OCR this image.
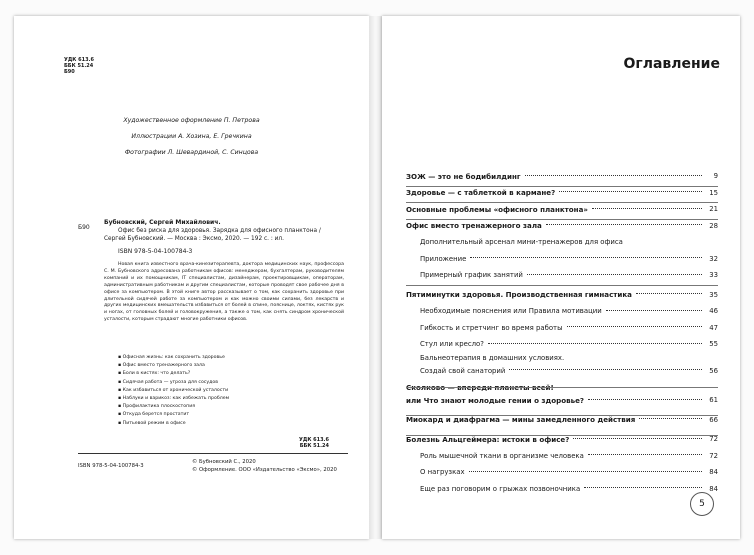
УДК 613.6
ББК 51.24
Б90
Художественное оформление П. Петрова
Иллюстрации А. Хозина, Е. Гречкина
Фотографии Л. Шевардиной, С. Синцова
Б90
Бубновский, Сергей Михайлович.
Офис без риска для здоровья. Зарядка для офисного планктона /
Сергей Бубновский. — Москва : Эксмо, 2020. — 192 с. : ил.
ISBN 978-5-04-100784-3
Новая книга известного врача-кинезитерапевта, доктора медицинских наук, профессора С. М. Бубновского адресована работникам офисов: менеджерам, бухгалтерам, руководителям компаний и их помощникам, IT специалистам, дизайнерам, проектировщикам, операторам, административным работникам и другим специалистам, которые проводят свое рабочее дня в офисе за компьютером. В этой книге автор рассказывает о том, как сохранить здоровье при длительной сидячей работе за компьютером и как можно своими силами, без лекарств и других медицинских вмешательств избавиться от болей в спине, пояснице, локтях, кистях рук и ногах, от головных болей и головокружения, а также о том, как снять синдром хронической усталости, которым страдают многие работники офисов.
▪ Офисная жизнь: как сохранить здоровье
▪ Офис вместо тренажерного зала
▪ Боли в кистях: что делать?
▪ Сидячая работа — угроза для сосудов
▪ Как избавиться от хронической усталости
▪ Наблуки и варикоз: как избежать проблем
▪ Профилактика плоскостопия
▪ Откуда берется простатит
▪ Питьевой режим в офисе
УДК 613.6
ББК 51.24
ISBN 978-5-04-100784-3
© Бубновский С., 2020
© Оформление. ООО «Издательство «Эксмо», 2020
Оглавление
ЗОЖ — это не бодибилдинг	9
Здоровье — с таблеткой в кармане?	15
Основные проблемы «офисного планктона»	21
Офис вместо тренажерного зала	28
Дополнительный арсенал мини-тренажеров для офиса
Приложение	32
Примерный график занятий	33
Пятиминутки здоровья. Производственная гимнастика	35
Необходимые пояснения или Правила мотивации	46
Гибкость и стретчинг во время работы	47
Стул или кресло?	55
Бальнеотерапия в домашних условиях.
Создай свой санаторий	56
Сколково — впереди планеты всей!
или Что знают молодые гении о здоровье?	61
Миокард и диафрагма — мины замедленного действия	66
Болезнь Альцгеймера: истоки в офисе?	72
Роль мышечной ткани в организме человека	72
О нагрузках	84
Еще раз поговорим о грыжах позвоночника	84
5
